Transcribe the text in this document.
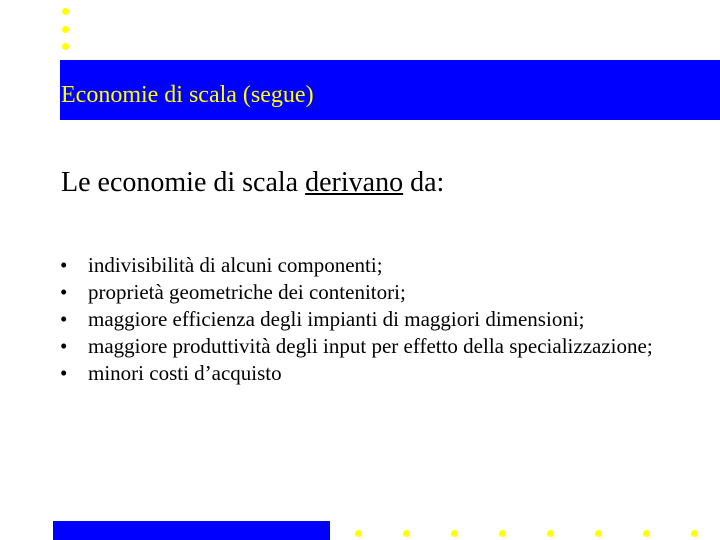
Economie di scala (segue)
Le economie di scala derivano da:
• indivisibilità di alcuni componenti;
• proprietà geometriche dei contenitori;
• maggiore efficienza degli impianti di maggiori dimensioni;
• maggiore produttività degli input per effetto della specializzazione;
• minori costi d’acquisto
